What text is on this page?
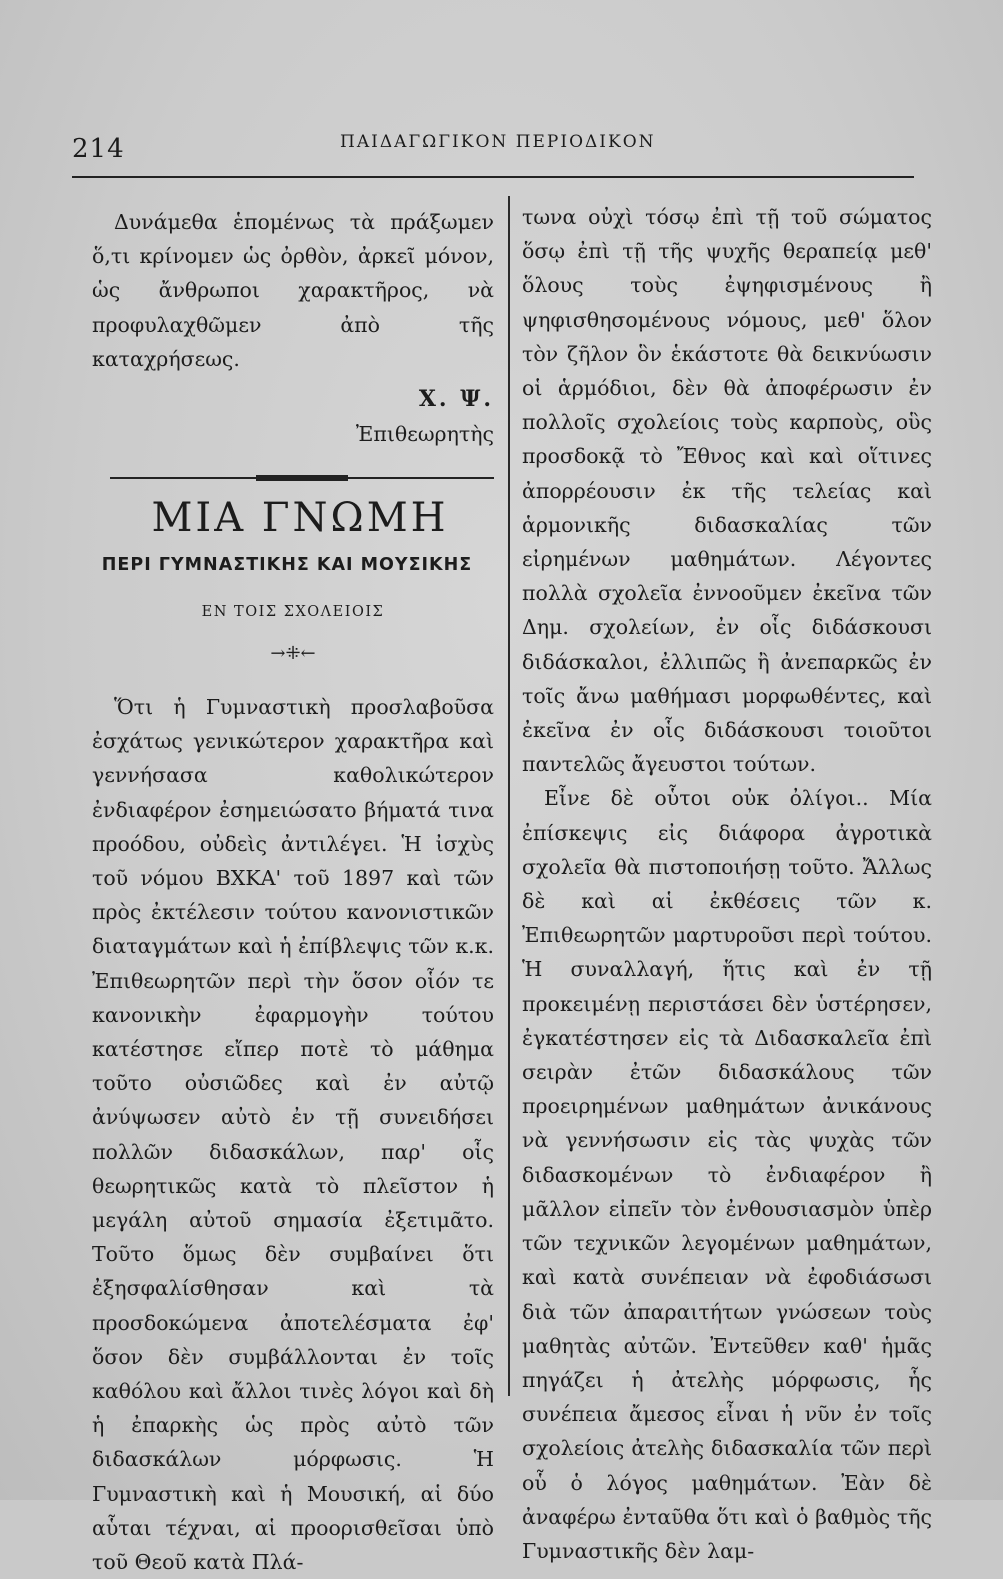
214	ΠΑΙΔΑΓΩΓΙΚΟΝ ΠΕΡΙΟΔΙΚΟΝ

Δυνάμεθα ἑπομένως τὰ πράξωμεν ὅ,τι κρίνομεν ὡς ὀρθὸν, ἀρκεῖ μόνον, ὡς ἄνθρωποι χαρακτῆρος, νὰ προφυλαχθῶμεν ἀπὸ τῆς καταχρήσεως.

Χ. Ψ.
Ἐπιθεωρητὴς
ΜΙΑ ΓΝΩΜΗ
ΠΕΡΙ ΓΥΜΝΑΣΤΙΚΗΣ ΚΑΙ ΜΟΥΣΙΚΗΣ
ΕΝ ΤΟΙΣ ΣΧΟΛΕΙΟΙΣ
→⁜←

Ὅτι ἡ Γυμναστικὴ προσλαβοῦσα ἐσχάτως γενικώτερον χαρακτῆρα καὶ γεννήσασα καθολικώτερον ἐνδιαφέρον ἐσημειώσατο βήματά τινα προόδου, οὐδεὶς ἀντιλέγει. Ἡ ἰσχὺς τοῦ νόμου ΒΧΚΑ' τοῦ 1897 καὶ τῶν πρὸς ἐκτέλεσιν τούτου κανονιστικῶν διαταγμάτων καὶ ἡ ἐπίβλεψις τῶν κ.κ. Ἐπιθεωρητῶν περὶ τὴν ὅσον οἷόν τε κανονικὴν ἐφαρμογὴν τούτου κατέστησε εἴπερ ποτὲ τὸ μάθημα τοῦτο οὐσιῶδες καὶ ἐν αὐτῷ ἀνύψωσεν αὐτὸ ἐν τῇ συνειδήσει πολλῶν διδασκάλων, παρ' οἷς θεωρητικῶς κατὰ τὸ πλεῖστον ἡ μεγάλη αὐτοῦ σημασία ἐξετιμᾶτο. Τοῦτο ὅμως δὲν συμβαίνει ὅτι ἐξησφαλίσθησαν καὶ τὰ προσδοκώμενα ἀποτελέσματα ἐφ' ὅσον δὲν συμβάλλονται ἐν τοῖς καθόλου καὶ ἄλλοι τινὲς λόγοι καὶ δὴ ἡ ἐπαρκὴς ὡς πρὸς αὐτὸ τῶν διδασκάλων μόρφωσις. Ἡ Γυμναστικὴ καὶ ἡ Μουσική, αἱ δύο αὗται τέχναι, αἱ προορισθεῖσαι ὑπὸ τοῦ Θεοῦ κατὰ Πλά-

τωνα οὐχὶ τόσῳ ἐπὶ τῇ τοῦ σώματος ὅσῳ ἐπὶ τῇ τῆς ψυχῆς θεραπείᾳ μεθ' ὅλους τοὺς ἐψηφισμένους ἢ ψηφισθησομένους νόμους, μεθ' ὅλον τὸν ζῆλον ὃν ἑκάστοτε θὰ δεικνύωσιν οἱ ἁρμόδιοι, δὲν θὰ ἀποφέρωσιν ἐν πολλοῖς σχολείοις τοὺς καρποὺς, οὓς προσδοκᾷ τὸ Ἔθνος καὶ καὶ οἵτινες ἀπορρέουσιν ἐκ τῆς τελείας καὶ ἁρμονικῆς διδασκαλίας τῶν εἰρημένων μαθημάτων. Λέγοντες πολλὰ σχολεῖα ἐννοοῦμεν ἐκεῖνα τῶν Δημ. σχολείων, ἐν οἷς διδάσκουσι διδάσκαλοι, ἐλλιπῶς ἢ ἀνεπαρκῶς ἐν τοῖς ἄνω μαθήμασι μορφωθέντες, καὶ ἐκεῖνα ἐν οἷς διδάσκουσι τοιοῦτοι παντελῶς ἄγευστοι τούτων.

Εἶνε δὲ οὗτοι οὐκ ὀλίγοι.. Μία ἐπίσκεψις εἰς διάφορα ἀγροτικὰ σχολεῖα θὰ πιστοποιήσῃ τοῦτο. Ἄλλως δὲ καὶ αἱ ἐκθέσεις τῶν κ. Ἐπιθεωρητῶν μαρτυροῦσι περὶ τούτου. Ἡ συναλλαγή, ἥτις καὶ ἐν τῇ προκειμένῃ περιστάσει δὲν ὑστέρησεν, ἐγκατέστησεν εἰς τὰ Διδασκαλεῖα ἐπὶ σειρὰν ἐτῶν διδασκάλους τῶν προειρημένων μαθημάτων ἀνικάνους νὰ γεννήσωσιν εἰς τὰς ψυχὰς τῶν διδασκομένων τὸ ἐνδιαφέρον ἢ μᾶλλον εἰπεῖν τὸν ἐνθουσιασμὸν ὑπὲρ τῶν τεχνικῶν λεγομένων μαθημάτων, καὶ κατὰ συνέπειαν νὰ ἐφοδιάσωσι διὰ τῶν ἀπαραιτήτων γνώσεων τοὺς μαθητὰς αὐτῶν. Ἐντεῦθεν καθ' ἡμᾶς πηγάζει ἡ ἀτελὴς μόρφωσις, ἧς συνέπεια ἄμεσος εἶναι ἡ νῦν ἐν τοῖς σχολείοις ἀτελὴς διδασκαλία τῶν περὶ οὗ ὁ λόγος μαθημάτων. Ἐὰν δὲ ἀναφέρω ἐνταῦθα ὅτι καὶ ὁ βαθμὸς τῆς Γυμναστικῆς δὲν λαμ-
